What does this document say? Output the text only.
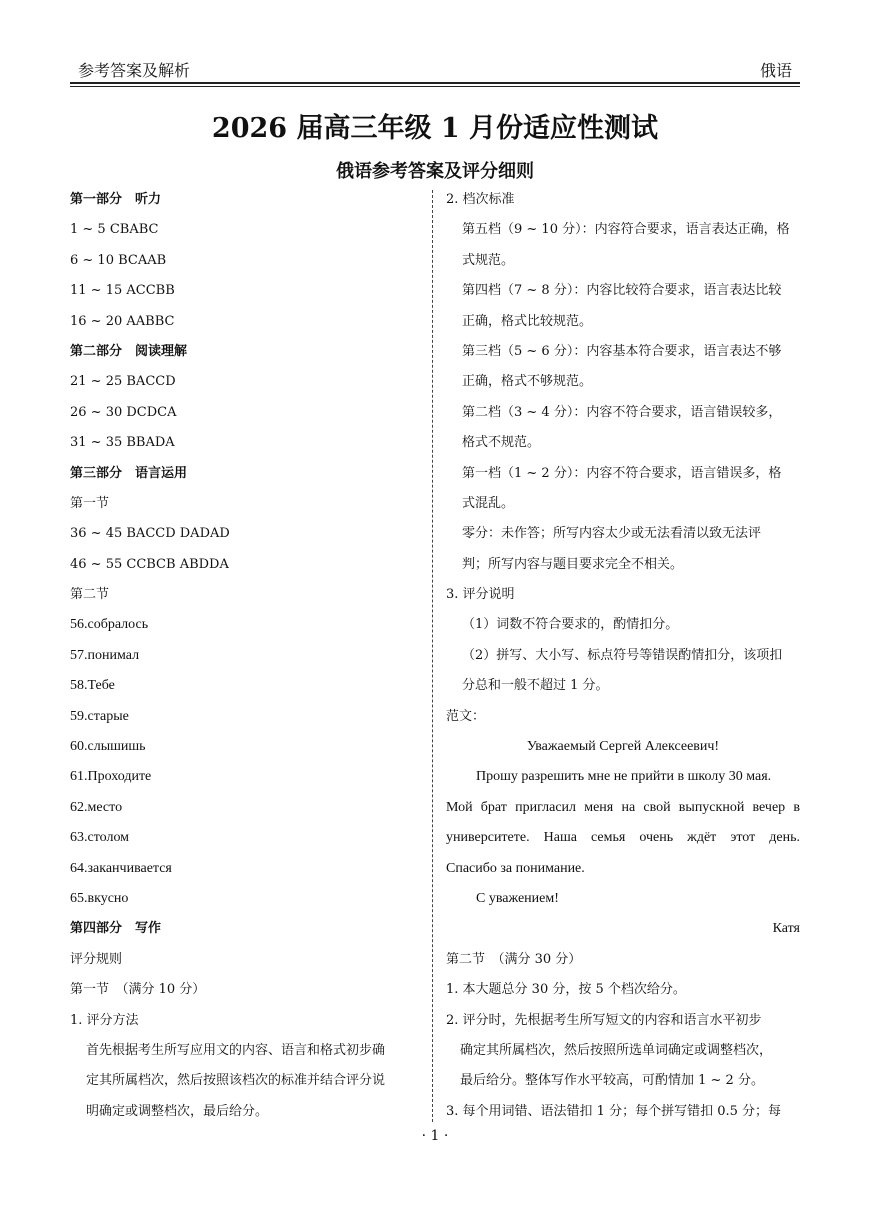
参考答案及解析	俄语
2026 届高三年级 1 月份适应性测试
俄语参考答案及评分细则
第一部分　听力
1 ~ 5 CBABC
6 ~ 10 BCAAB
11 ~ 15 ACCBB
16 ~ 20 AABBC
第二部分　阅读理解
21 ~ 25 BACCD
26 ~ 30 DCDCA
31 ~ 35 BBADA
第三部分　语言运用
第一节
36 ~ 45 BACCD DADAD
46 ~ 55 CCBCB ABDDA
第二节
56.собралось
57.понимал
58.Тебе
59.старые
60.слышишь
61.Проходите
62.место
63.столом
64.заканчивается
65.вкусно
第四部分　写作
评分规则
第一节　（满分 10 分）
1. 评分方法
首先根据考生所写应用文的内容、语言和格式初步确
定其所属档次，然后按照该档次的标准并结合评分说
明确定或调整档次，最后给分。
2. 档次标准
第五档（9 ~ 10 分）：内容符合要求，语言表达正确，格
式规范。
第四档（7 ~ 8 分）：内容比较符合要求，语言表达比较
正确，格式比较规范。
第三档（5 ~ 6 分）：内容基本符合要求，语言表达不够
正确，格式不够规范。
第二档（3 ~ 4 分）：内容不符合要求，语言错误较多，
格式不规范。
第一档（1 ~ 2 分）：内容不符合要求，语言错误多，格
式混乱。
零分：未作答；所写内容太少或无法看清以致无法评
判；所写内容与题目要求完全不相关。
3. 评分说明
（1）词数不符合要求的，酌情扣分。
（2）拼写、大小写、标点符号等错误酌情扣分，该项扣
分总和一般不超过 1 分。
范文：
Уважаемый Сергей Алексеевич!
Прошу разрешить мне не прийти в школу 30 мая.
Мой брат пригласил меня на свой выпускной вечер в
университете. Наша семья очень ждёт этот день.
Спасибо за понимание.
С уважением!
Катя
第二节　（满分 30 分）
1. 本大题总分 30 分，按 5 个档次给分。
2. 评分时，先根据考生所写短文的内容和语言水平初步
确定其所属档次，然后按照所选单词确定或调整档次，
最后给分。整体写作水平较高，可酌情加 1 ~ 2 分。
3. 每个用词错、语法错扣 1 分；每个拼写错扣 0.5 分；每
· 1 ·
